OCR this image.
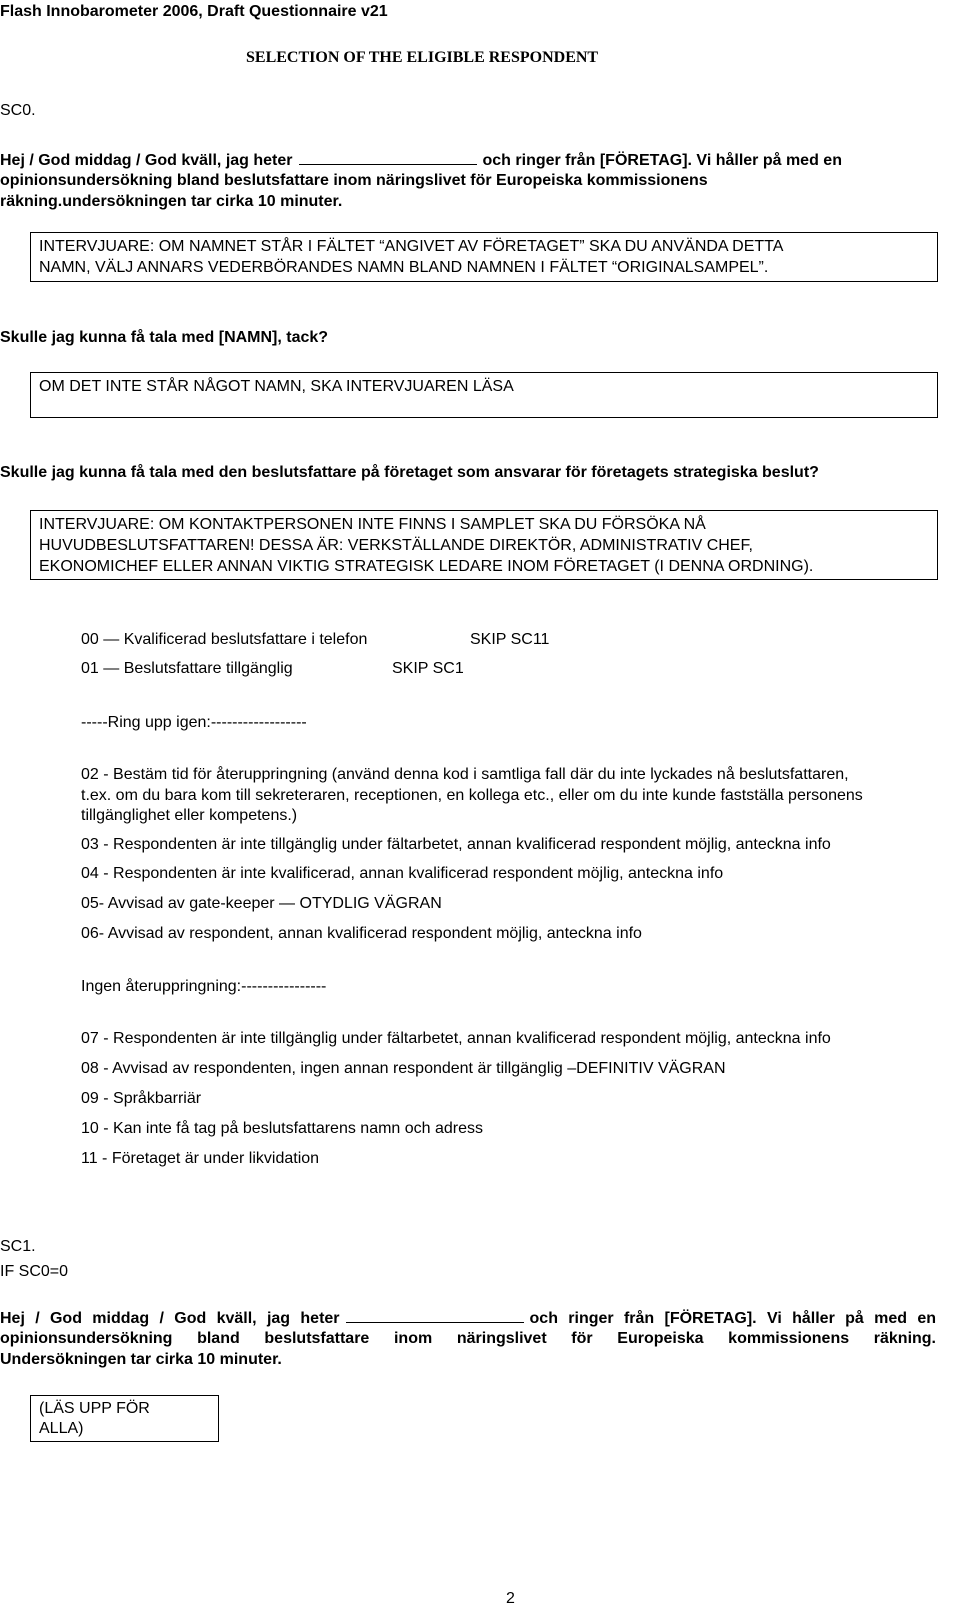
Flash Innobarometer 2006, Draft Questionnaire v21
SELECTION OF THE ELIGIBLE RESPONDENT
SC0.
Hej / God middag / God kväll, jag heter	och ringer från [FÖRETAG]. Vi håller på med en
opinionsundersökning bland beslutsfattare inom näringslivet för Europeiska kommissionens
räkning.undersökningen tar cirka 10 minuter.
INTERVJUARE: OM NAMNET STÅR I FÄLTET “ANGIVET AV FÖRETAGET” SKA DU ANVÄNDA DETTA
NAMN, VÄLJ ANNARS VEDERBÖRANDES NAMN BLAND NAMNEN I FÄLTET “ORIGINALSAMPEL”.
Skulle jag kunna få tala med [NAMN], tack?
OM DET INTE STÅR NÅGOT NAMN, SKA INTERVJUAREN LÄSA
Skulle jag kunna få tala med den beslutsfattare på företaget som ansvarar för företagets strategiska beslut?
INTERVJUARE: OM KONTAKTPERSONEN INTE FINNS I SAMPLET SKA DU FÖRSÖKA NÅ
HUVUDBESLUTSFATTAREN! DESSA ÄR: VERKSTÄLLANDE DIREKTÖR, ADMINISTRATIV CHEF,
EKONOMICHEF ELLER ANNAN VIKTIG STRATEGISK LEDARE INOM FÖRETAGET (I DENNA ORDNING).
00 — Kvalificerad beslutsfattare i telefon	SKIP SC11
01 — Beslutsfattare tillgänglig	SKIP SC1
-----Ring upp igen:------------------
02 - Bestäm tid för återuppringning (använd denna kod i samtliga fall där du inte lyckades nå beslutsfattaren,
t.ex. om du bara kom till sekreteraren, receptionen, en kollega etc., eller om du inte kunde fastställa personens
tillgänglighet eller kompetens.)
03 - Respondenten är inte tillgänglig under fältarbetet, annan kvalificerad respondent möjlig, anteckna info
04 - Respondenten är inte kvalificerad, annan kvalificerad respondent möjlig, anteckna info
05- Avvisad av gate-keeper — OTYDLIG VÄGRAN
06- Avvisad av respondent, annan kvalificerad respondent möjlig, anteckna info
Ingen återuppringning:----------------
07 - Respondenten är inte tillgänglig under fältarbetet, annan kvalificerad respondent möjlig, anteckna info
08 - Avvisad av respondenten, ingen annan respondent är tillgänglig –DEFINITIV VÄGRAN
09 - Språkbarriär
10 - Kan inte få tag på beslutsfattarens namn och adress
11 - Företaget är under likvidation
SC1.
IF SC0=0
Hej / God middag / God kväll, jag heter	och ringer från [FÖRETAG]. Vi håller på med en
opinionsundersökning bland beslutsfattare inom näringslivet för Europeiska kommissionens räkning.
Undersökningen tar cirka 10 minuter.
(LÄS UPP FÖR
ALLA)
2
